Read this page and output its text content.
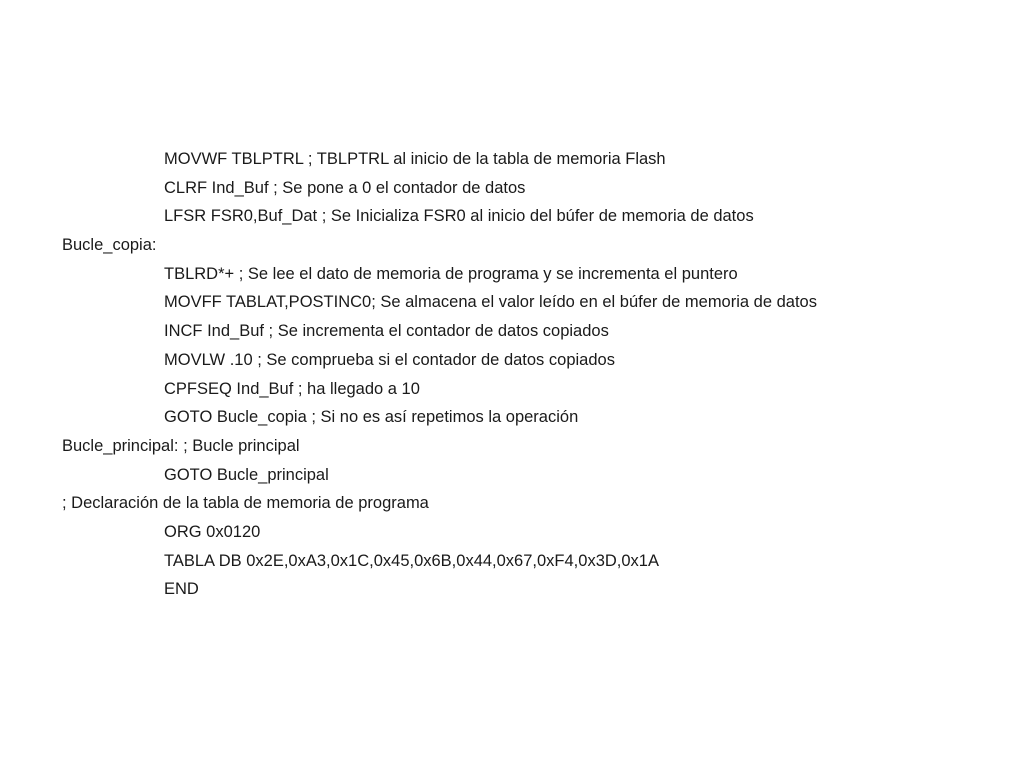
MOVWF TBLPTRL ; TBLPTRL al inicio de la tabla de memoria Flash
CLRF Ind_Buf ; Se pone a 0 el contador de datos
LFSR FSR0,Buf_Dat ; Se Inicializa FSR0 al inicio del búfer de memoria de datos
Bucle_copia:
TBLRD*+ ; Se lee el dato de memoria de programa y se incrementa el puntero
MOVFF TABLAT,POSTINC0; Se almacena el valor leído en el búfer de memoria de datos
INCF Ind_Buf ; Se incrementa el contador de datos copiados
MOVLW .10 ; Se comprueba si el contador de datos copiados
CPFSEQ Ind_Buf ; ha llegado a 10
GOTO Bucle_copia ; Si no es así repetimos la operación
Bucle_principal: ; Bucle principal
GOTO Bucle_principal
; Declaración de la tabla de memoria de programa
ORG 0x0120
TABLA DB 0x2E,0xA3,0x1C,0x45,0x6B,0x44,0x67,0xF4,0x3D,0x1A
END
